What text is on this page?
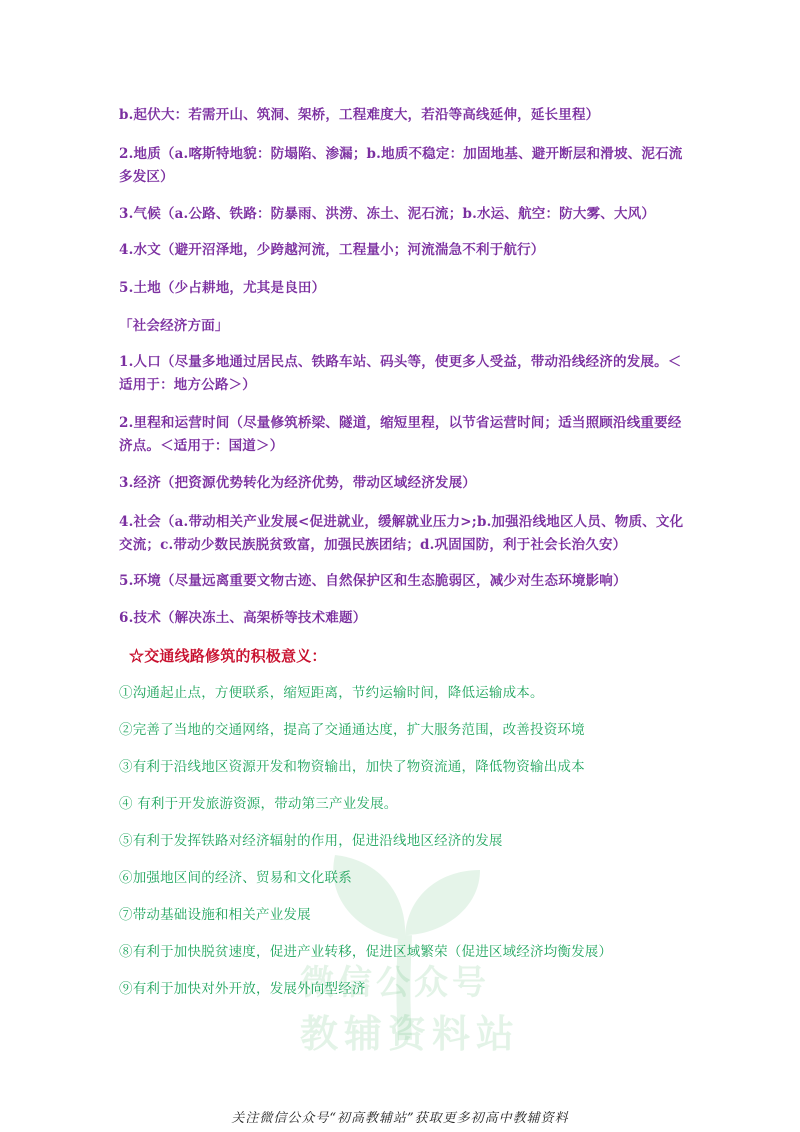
微信公众号
教辅资料站
b.起伏大：若需开山、筑洞、架桥，工程难度大，若沿等高线延伸，延长里程）
2.地质（a.喀斯特地貌：防塌陷、渗漏；b.地质不稳定：加固地基、避开断层和滑坡、泥石流多发区）
3.气候（a.公路、铁路：防暴雨、洪涝、冻土、泥石流；b.水运、航空：防大雾、大风）
4.水文（避开沼泽地，少跨越河流，工程量小；河流湍急不利于航行）
5.土地（少占耕地，尤其是良田）
「社会经济方面」
1.人口（尽量多地通过居民点、铁路车站、码头等，使更多人受益，带动沿线经济的发展。＜适用于：地方公路＞）
2.里程和运营时间（尽量修筑桥梁、隧道，缩短里程，以节省运营时间；适当照顾沿线重要经济点。＜适用于：国道＞）
3.经济（把资源优势转化为经济优势，带动区域经济发展）
4.社会（a.带动相关产业发展<促进就业，缓解就业压力>;b.加强沿线地区人员、物质、文化交流；c.带动少数民族脱贫致富，加强民族团结；d.巩固国防，利于社会长治久安）
5.环境（尽量远离重要文物古迹、自然保护区和生态脆弱区，减少对生态环境影响）
6.技术（解决冻土、高架桥等技术难题）
☆交通线路修筑的积极意义：
①沟通起止点，方便联系，缩短距离，节约运输时间，降低运输成本。
②完善了当地的交通网络，提高了交通通达度，扩大服务范围，改善投资环境
③有利于沿线地区资源开发和物资输出，加快了物资流通，降低物资输出成本
④ 有利于开发旅游资源，带动第三产业发展。
⑤有利于发挥铁路对经济辐射的作用，促进沿线地区经济的发展
⑥加强地区间的经济、贸易和文化联系
⑦带动基础设施和相关产业发展
⑧有利于加快脱贫速度，促进产业转移，促进区域繁荣（促进区域经济均衡发展）
⑨有利于加快对外开放，发展外向型经济
关注微信公众号“初高教辅站”获取更多初高中教辅资料
